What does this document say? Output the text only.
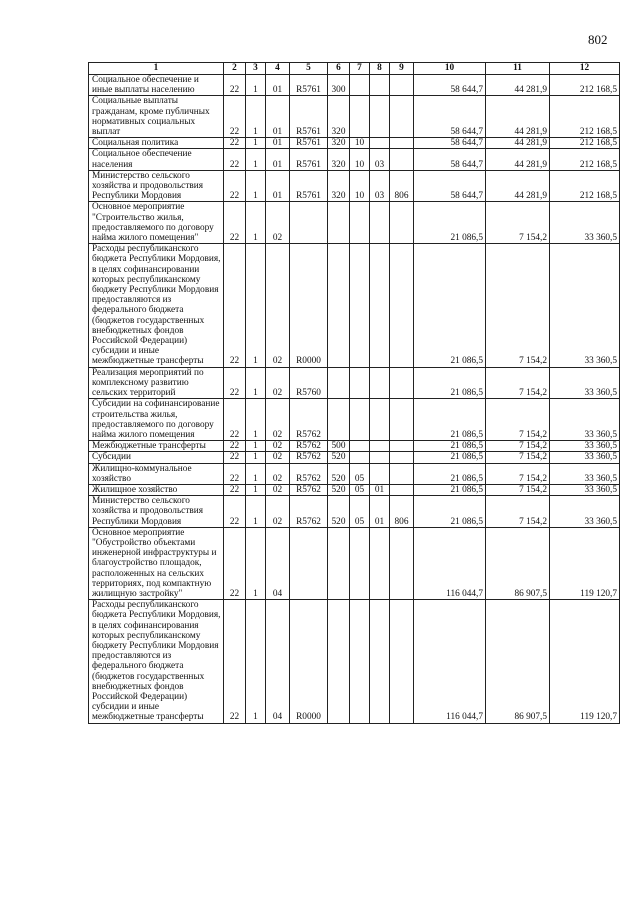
802
1	2	3	4	5	6	7	8	9	10	11	12
Социальное обеспечение и иные выплаты населению	22	1	01	R5761	300				58 644,7	44 281,9	212 168,5
Социальные выплаты гражданам, кроме публичных нормативных социальных выплат	22	1	01	R5761	320				58 644,7	44 281,9	212 168,5
Социальная политика	22	1	01	R5761	320	10			58 644,7	44 281,9	212 168,5
Социальное обеспечение населения	22	1	01	R5761	320	10	03		58 644,7	44 281,9	212 168,5
Министерство сельского хозяйства и продовольствия Республики Мордовия	22	1	01	R5761	320	10	03	806	58 644,7	44 281,9	212 168,5
Основное мероприятие "Строительство жилья, предоставляемого по договору найма жилого помещения"	22	1	02						21 086,5	7 154,2	33 360,5
Расходы республиканского бюджета Республики Мордовия, в целях софинансировании которых республиканскому бюджету Республики Мордовия предоставляются из федерального бюджета (бюджетов государственных внебюджетных фондов Российской Федерации) субсидии и иные межбюджетные трансферты	22	1	02	R0000					21 086,5	7 154,2	33 360,5
Реализация мероприятий по комплексному развитию сельских территорий	22	1	02	R5760					21 086,5	7 154,2	33 360,5
Субсидии на софинансирование строительства жилья, предоставляемого по договору найма жилого помещения	22	1	02	R5762					21 086,5	7 154,2	33 360,5
Межбюджетные трансферты	22	1	02	R5762	500				21 086,5	7 154,2	33 360,5
Субсидии	22	1	02	R5762	520				21 086,5	7 154,2	33 360,5
Жилищно-коммунальное хозяйство	22	1	02	R5762	520	05			21 086,5	7 154,2	33 360,5
Жилищное хозяйство	22	1	02	R5762	520	05	01		21 086,5	7 154,2	33 360,5
Министерство сельского хозяйства и продовольствия Республики Мордовия	22	1	02	R5762	520	05	01	806	21 086,5	7 154,2	33 360,5
Основное мероприятие "Обустройство объектами инженерной инфраструктуры и благоустройство площадок, расположенных на сельских территориях, под компактную жилищную застройку"	22	1	04						116 044,7	86 907,5	119 120,7
Расходы республиканского бюджета Республики Мордовия, в целях софинансирования которых республиканскому бюджету Республики Мордовия предоставляются из федерального бюджета (бюджетов государственных внебюджетных фондов Российской Федерации) субсидии и иные межбюджетные трансферты	22	1	04	R0000					116 044,7	86 907,5	119 120,7
